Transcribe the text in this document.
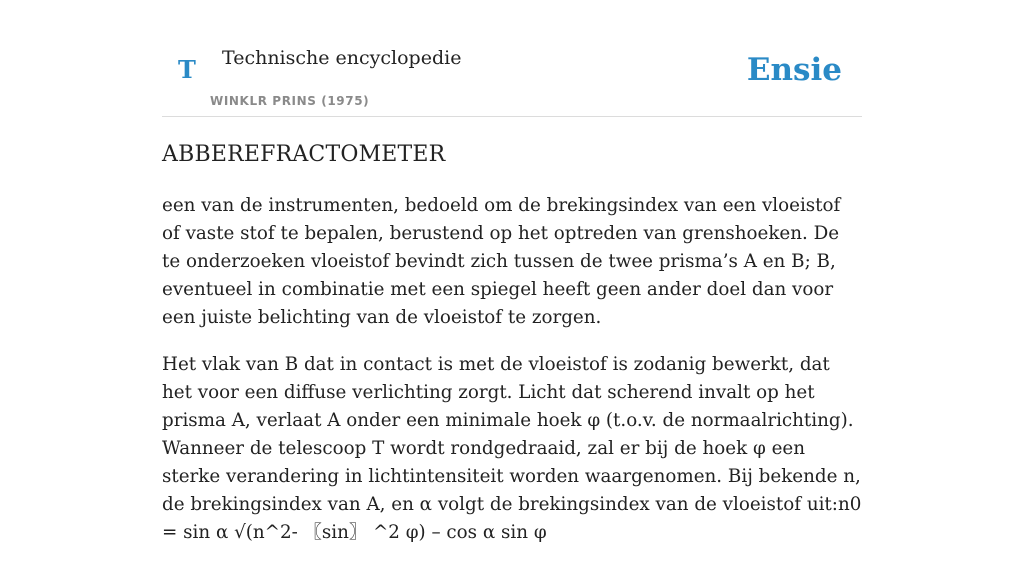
T Technische encyclopedie
WINKLR PRINS (1975)
Ensie
ABBEREFRACTOMETER

een van de instrumenten, bedoeld om de brekingsindex van een vloeistof of vaste stof te bepalen, berustend op het optreden van grenshoeken. De te onderzoeken vloeistof bevindt zich tussen de twee prisma’s A en B; B, eventueel in combinatie met een spiegel heeft geen ander doel dan voor een juiste belichting van de vloeistof te zorgen.

Het vlak van B dat in contact is met de vloeistof is zodanig bewerkt, dat het voor een diffuse verlichting zorgt. Licht dat scherend invalt op het prisma A, verlaat A onder een minimale hoek φ (t.o.v. de normaalrichting). Wanneer de telescoop T wordt rondgedraaid, zal er bij de hoek φ een sterke verandering in lichtintensiteit worden waargenomen. Bij bekende n, de brekingsindex van A, en α volgt de brekingsindex van de vloeistof uit:n0 = sin α √(n^2- 〖sin〗 ^2 φ) – cos α sin φ
